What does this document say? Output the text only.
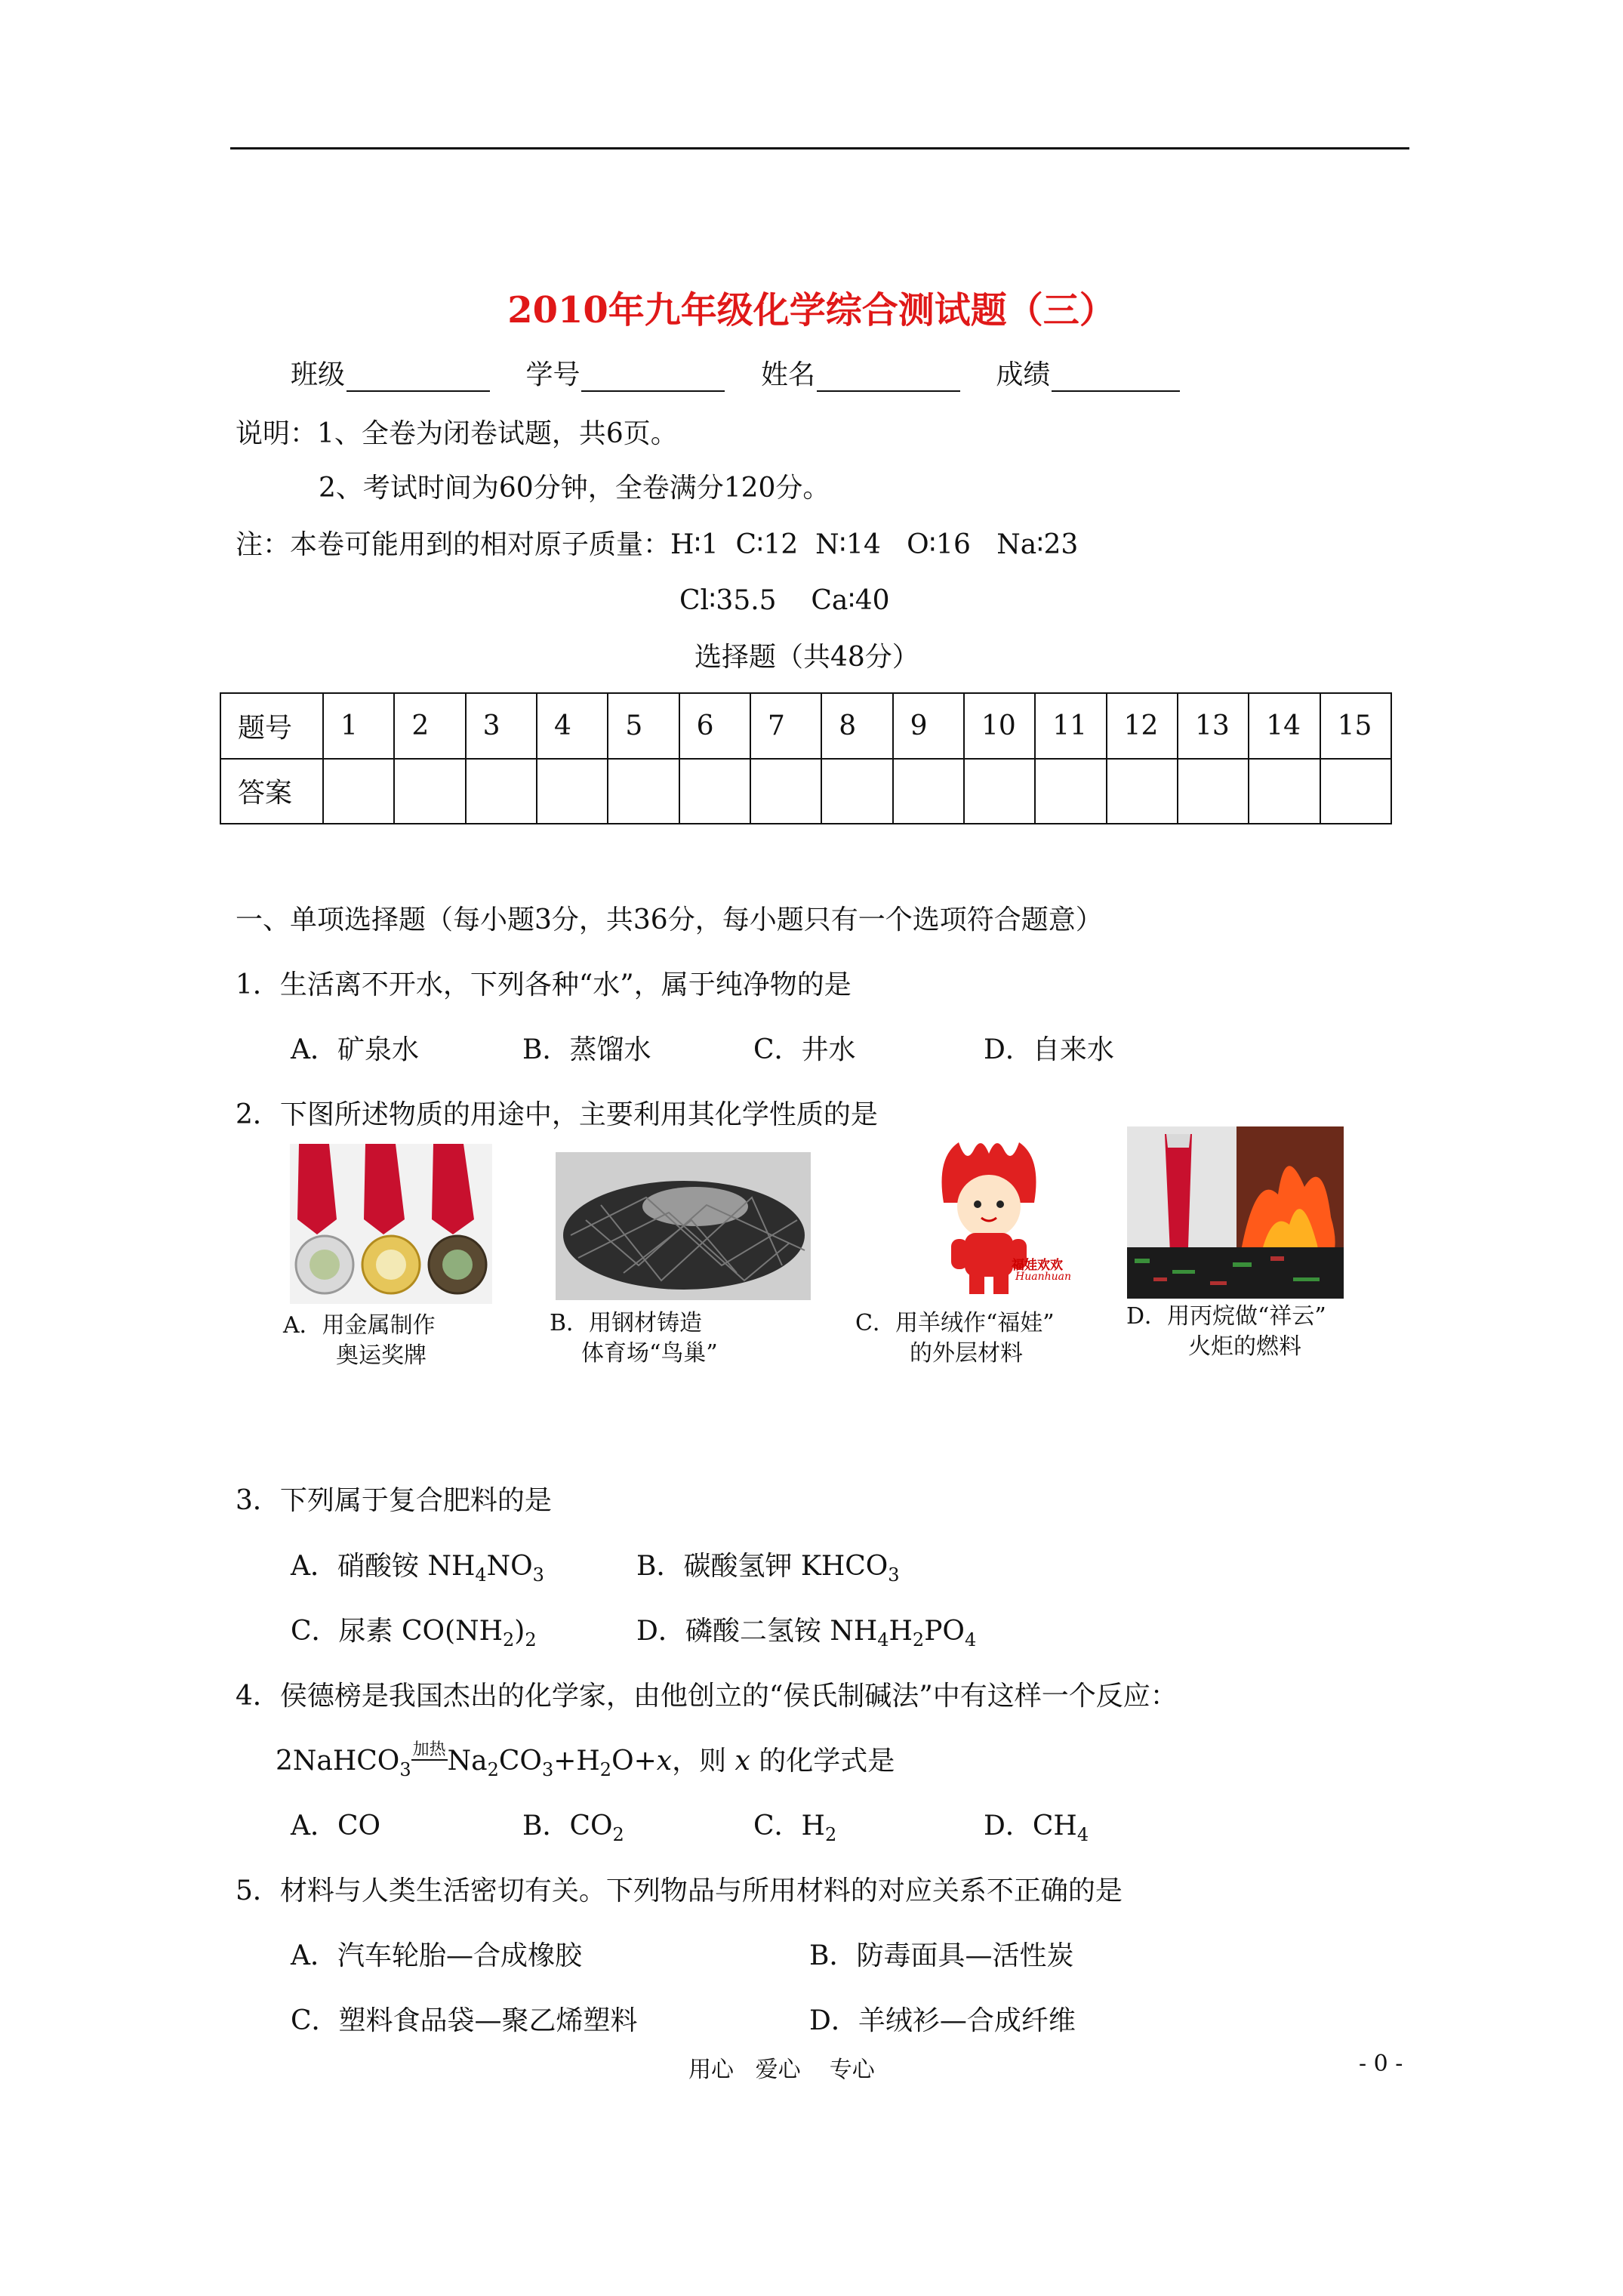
2010年九年级化学综合测试题（三）
班级	学号	姓名	成绩
说明：1、全卷为闭卷试题，共6页。
2、考试时间为60分钟，全卷满分120分。
注：本卷可能用到的相对原子质量：H∶1  C∶12  N∶14   O∶16   Na∶23
Cl∶35.5    Ca∶40
选择题（共48分）
题号	1	2	3	4	5	6	7	8	9	10	11	12	13	14	15
答案															
一、单项选择题（每小题3分，共36分，每小题只有一个选项符合题意）
1．生活离不开水，下列各种“水”，属于纯净物的是
A．矿泉水	B．蒸馏水	C．井水	D．自来水
2．下图所述物质的用途中，主要利用其化学性质的是
A．用金属制作
奥运奖牌
B．用钢材铸造
体育场“鸟巢”
福娃欢欢
Huanhuan
C．用羊绒作“福娃”
的外层材料
D．用丙烷做“祥云”
火炬的燃料
3．下列属于复合肥料的是
A．硝酸铵 $NH_4NO_3$	B．碳酸氢钾 $KHCO_3$
C．尿素 $CO(NH_2)_2$	D．磷酸二氢铵 $NH_4H_2PO_4$
4．侯德榜是我国杰出的化学家，由他创立的“侯氏制碱法”中有这样一个反应：
$2NaHCO_3^{加热}Na_2CO_3+H_2O+x$，则 x 的化学式是
A．CO	B．$CO_2$	C．$H_2$	D．$CH_4$
5．材料与人类生活密切有关。下列物品与所用材料的对应关系不正确的是
A．汽车轮胎—合成橡胶	B．防毒面具—活性炭
C．塑料食品袋—聚乙烯塑料	D．羊绒衫—合成纤维
用心   爱心    专心	- 0 -
